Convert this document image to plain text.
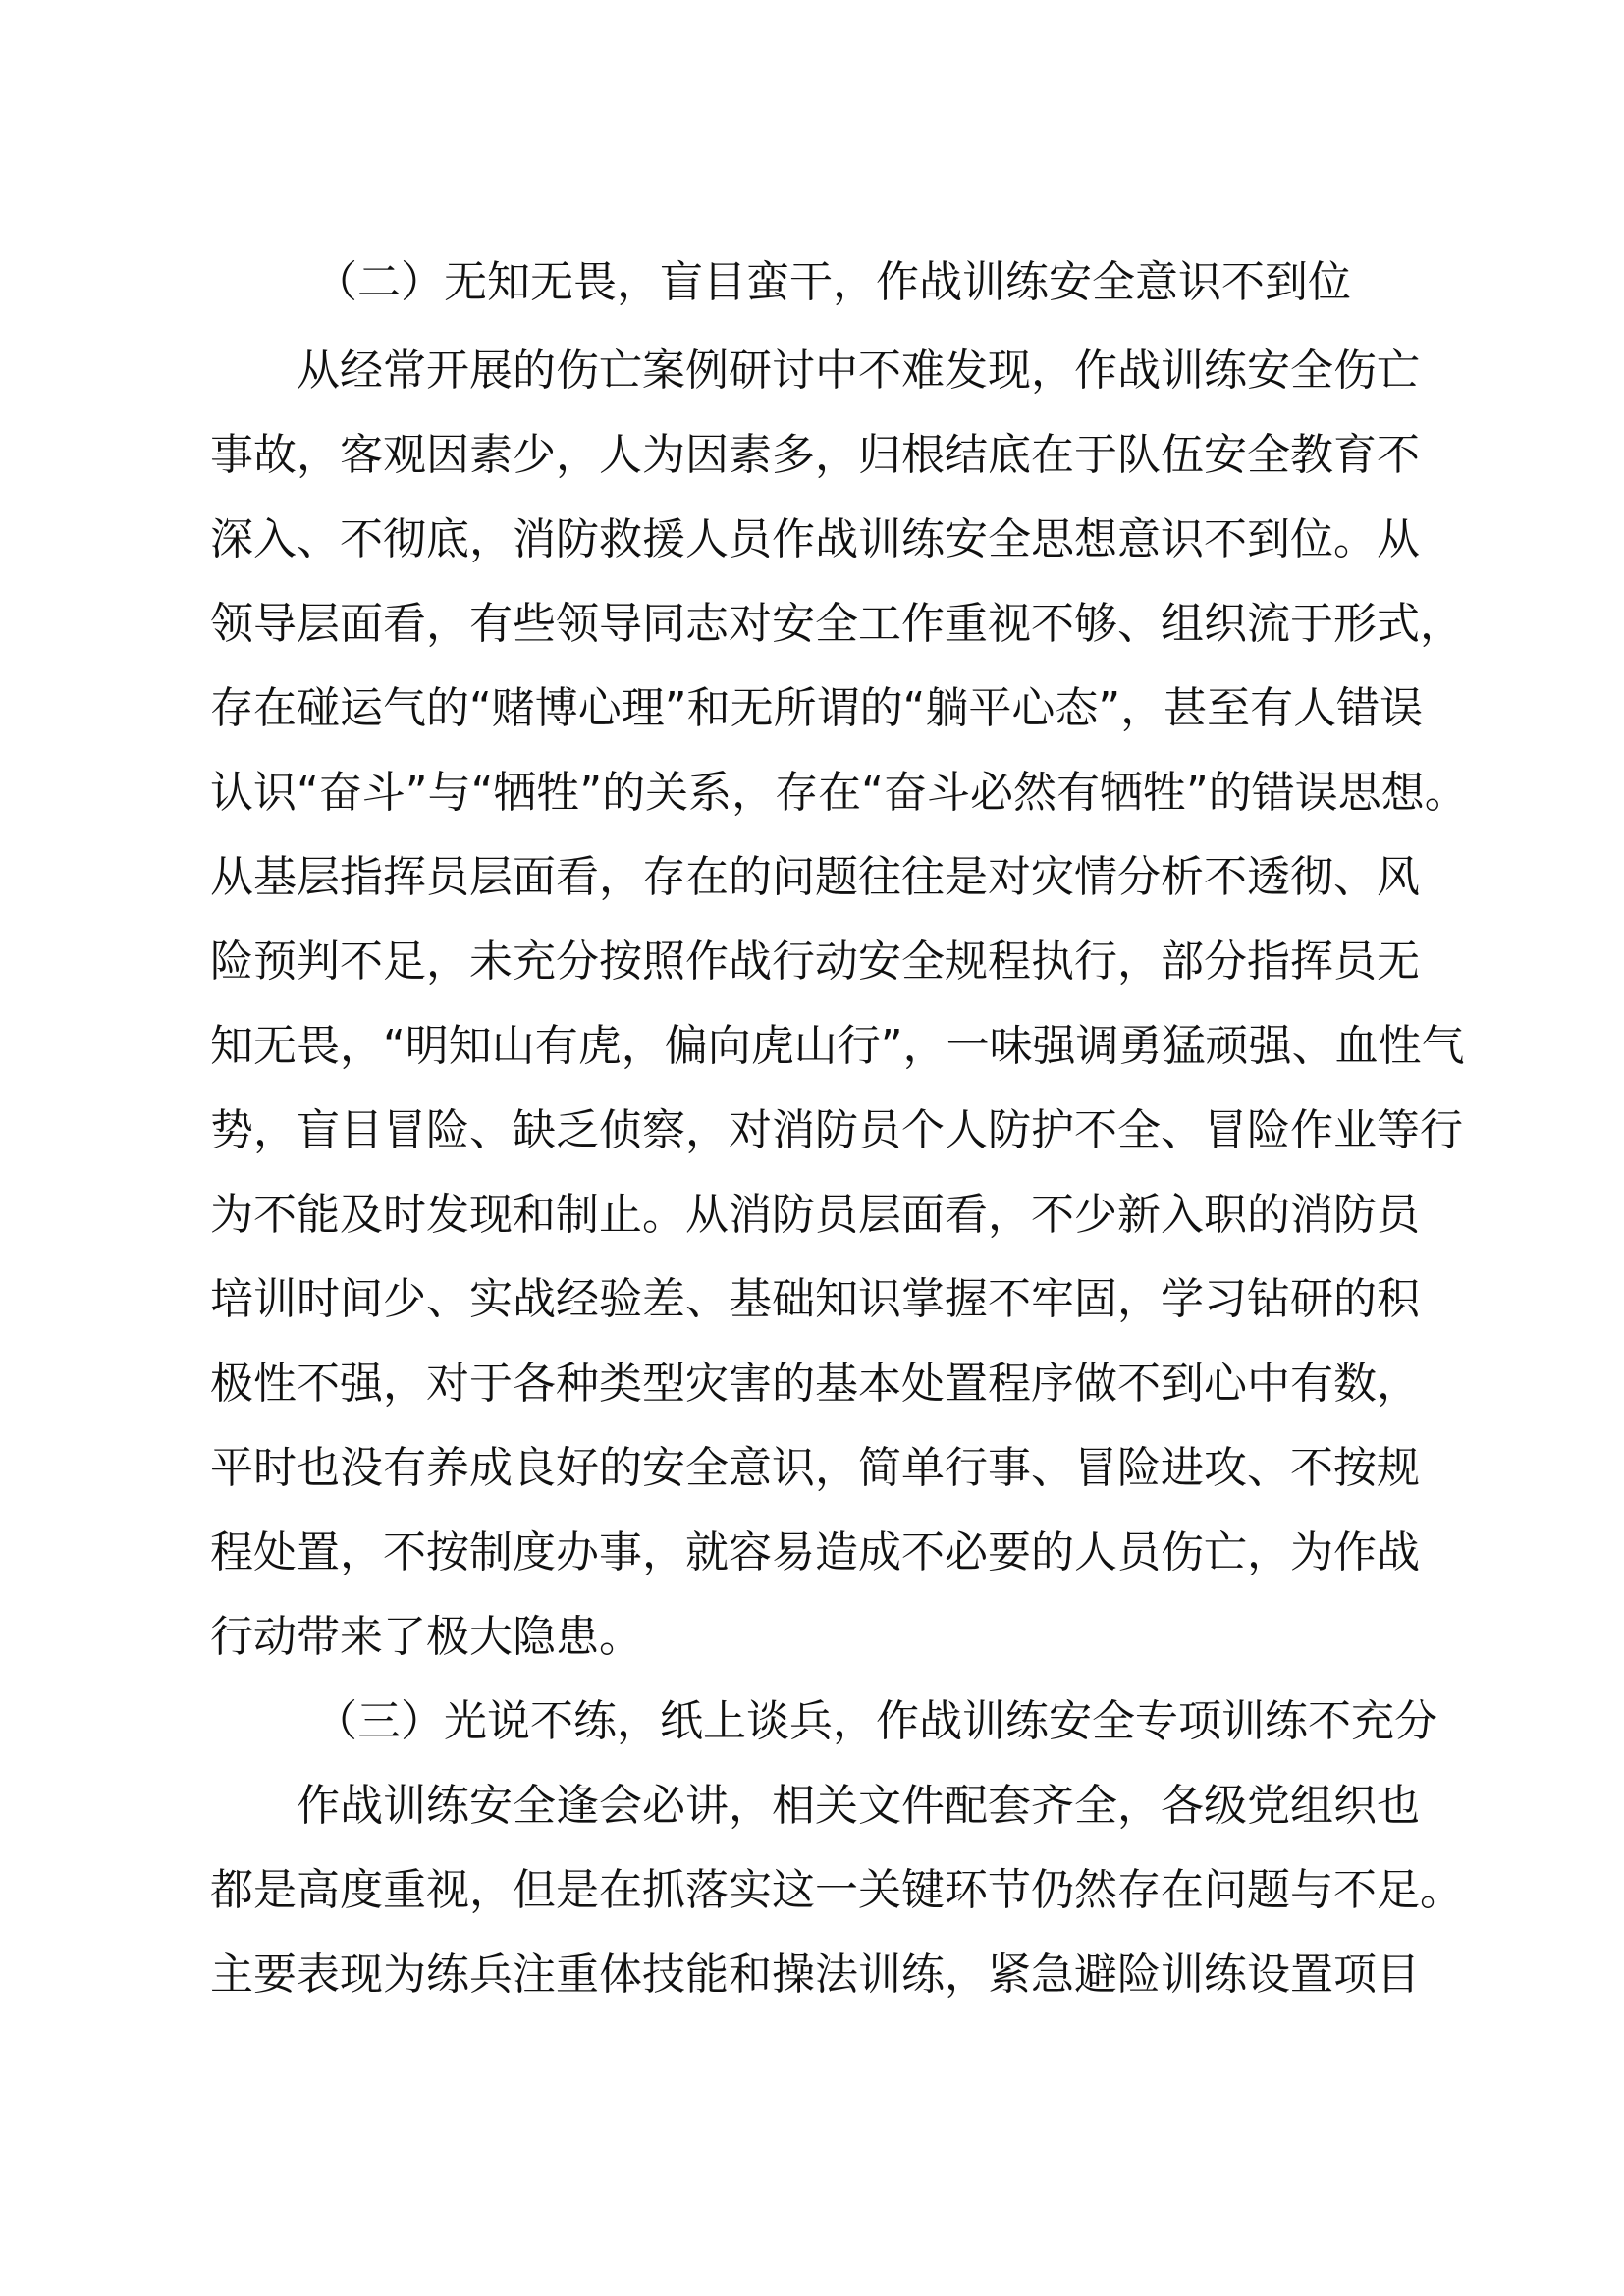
（二）无知无畏，盲目蛮干，作战训练安全意识不到位
从经常开展的伤亡案例研讨中不难发现，作战训练安全伤亡
事故，客观因素少，人为因素多，归根结底在于队伍安全教育不
深入、不彻底，消防救援人员作战训练安全思想意识不到位。从
领导层面看，有些领导同志对安全工作重视不够、组织流于形式，
存在碰运气的“赌博心理”和无所谓的“躺平心态”，甚至有人错误
认识“奋斗”与“牺牲”的关系，存在“奋斗必然有牺牲”的错误思想。
从基层指挥员层面看，存在的问题往往是对灾情分析不透彻、风
险预判不足，未充分按照作战行动安全规程执行，部分指挥员无
知无畏，“明知山有虎，偏向虎山行”，一味强调勇猛顽强、血性气
势，盲目冒险、缺乏侦察，对消防员个人防护不全、冒险作业等行
为不能及时发现和制止。从消防员层面看，不少新入职的消防员
培训时间少、实战经验差、基础知识掌握不牢固，学习钻研的积
极性不强，对于各种类型灾害的基本处置程序做不到心中有数，
平时也没有养成良好的安全意识，简单行事、冒险进攻、不按规
程处置，不按制度办事，就容易造成不必要的人员伤亡，为作战
行动带来了极大隐患。
（三）光说不练，纸上谈兵，作战训练安全专项训练不充分
作战训练安全逢会必讲，相关文件配套齐全，各级党组织也
都是高度重视，但是在抓落实这一关键环节仍然存在问题与不足。
主要表现为练兵注重体技能和操法训练，紧急避险训练设置项目
